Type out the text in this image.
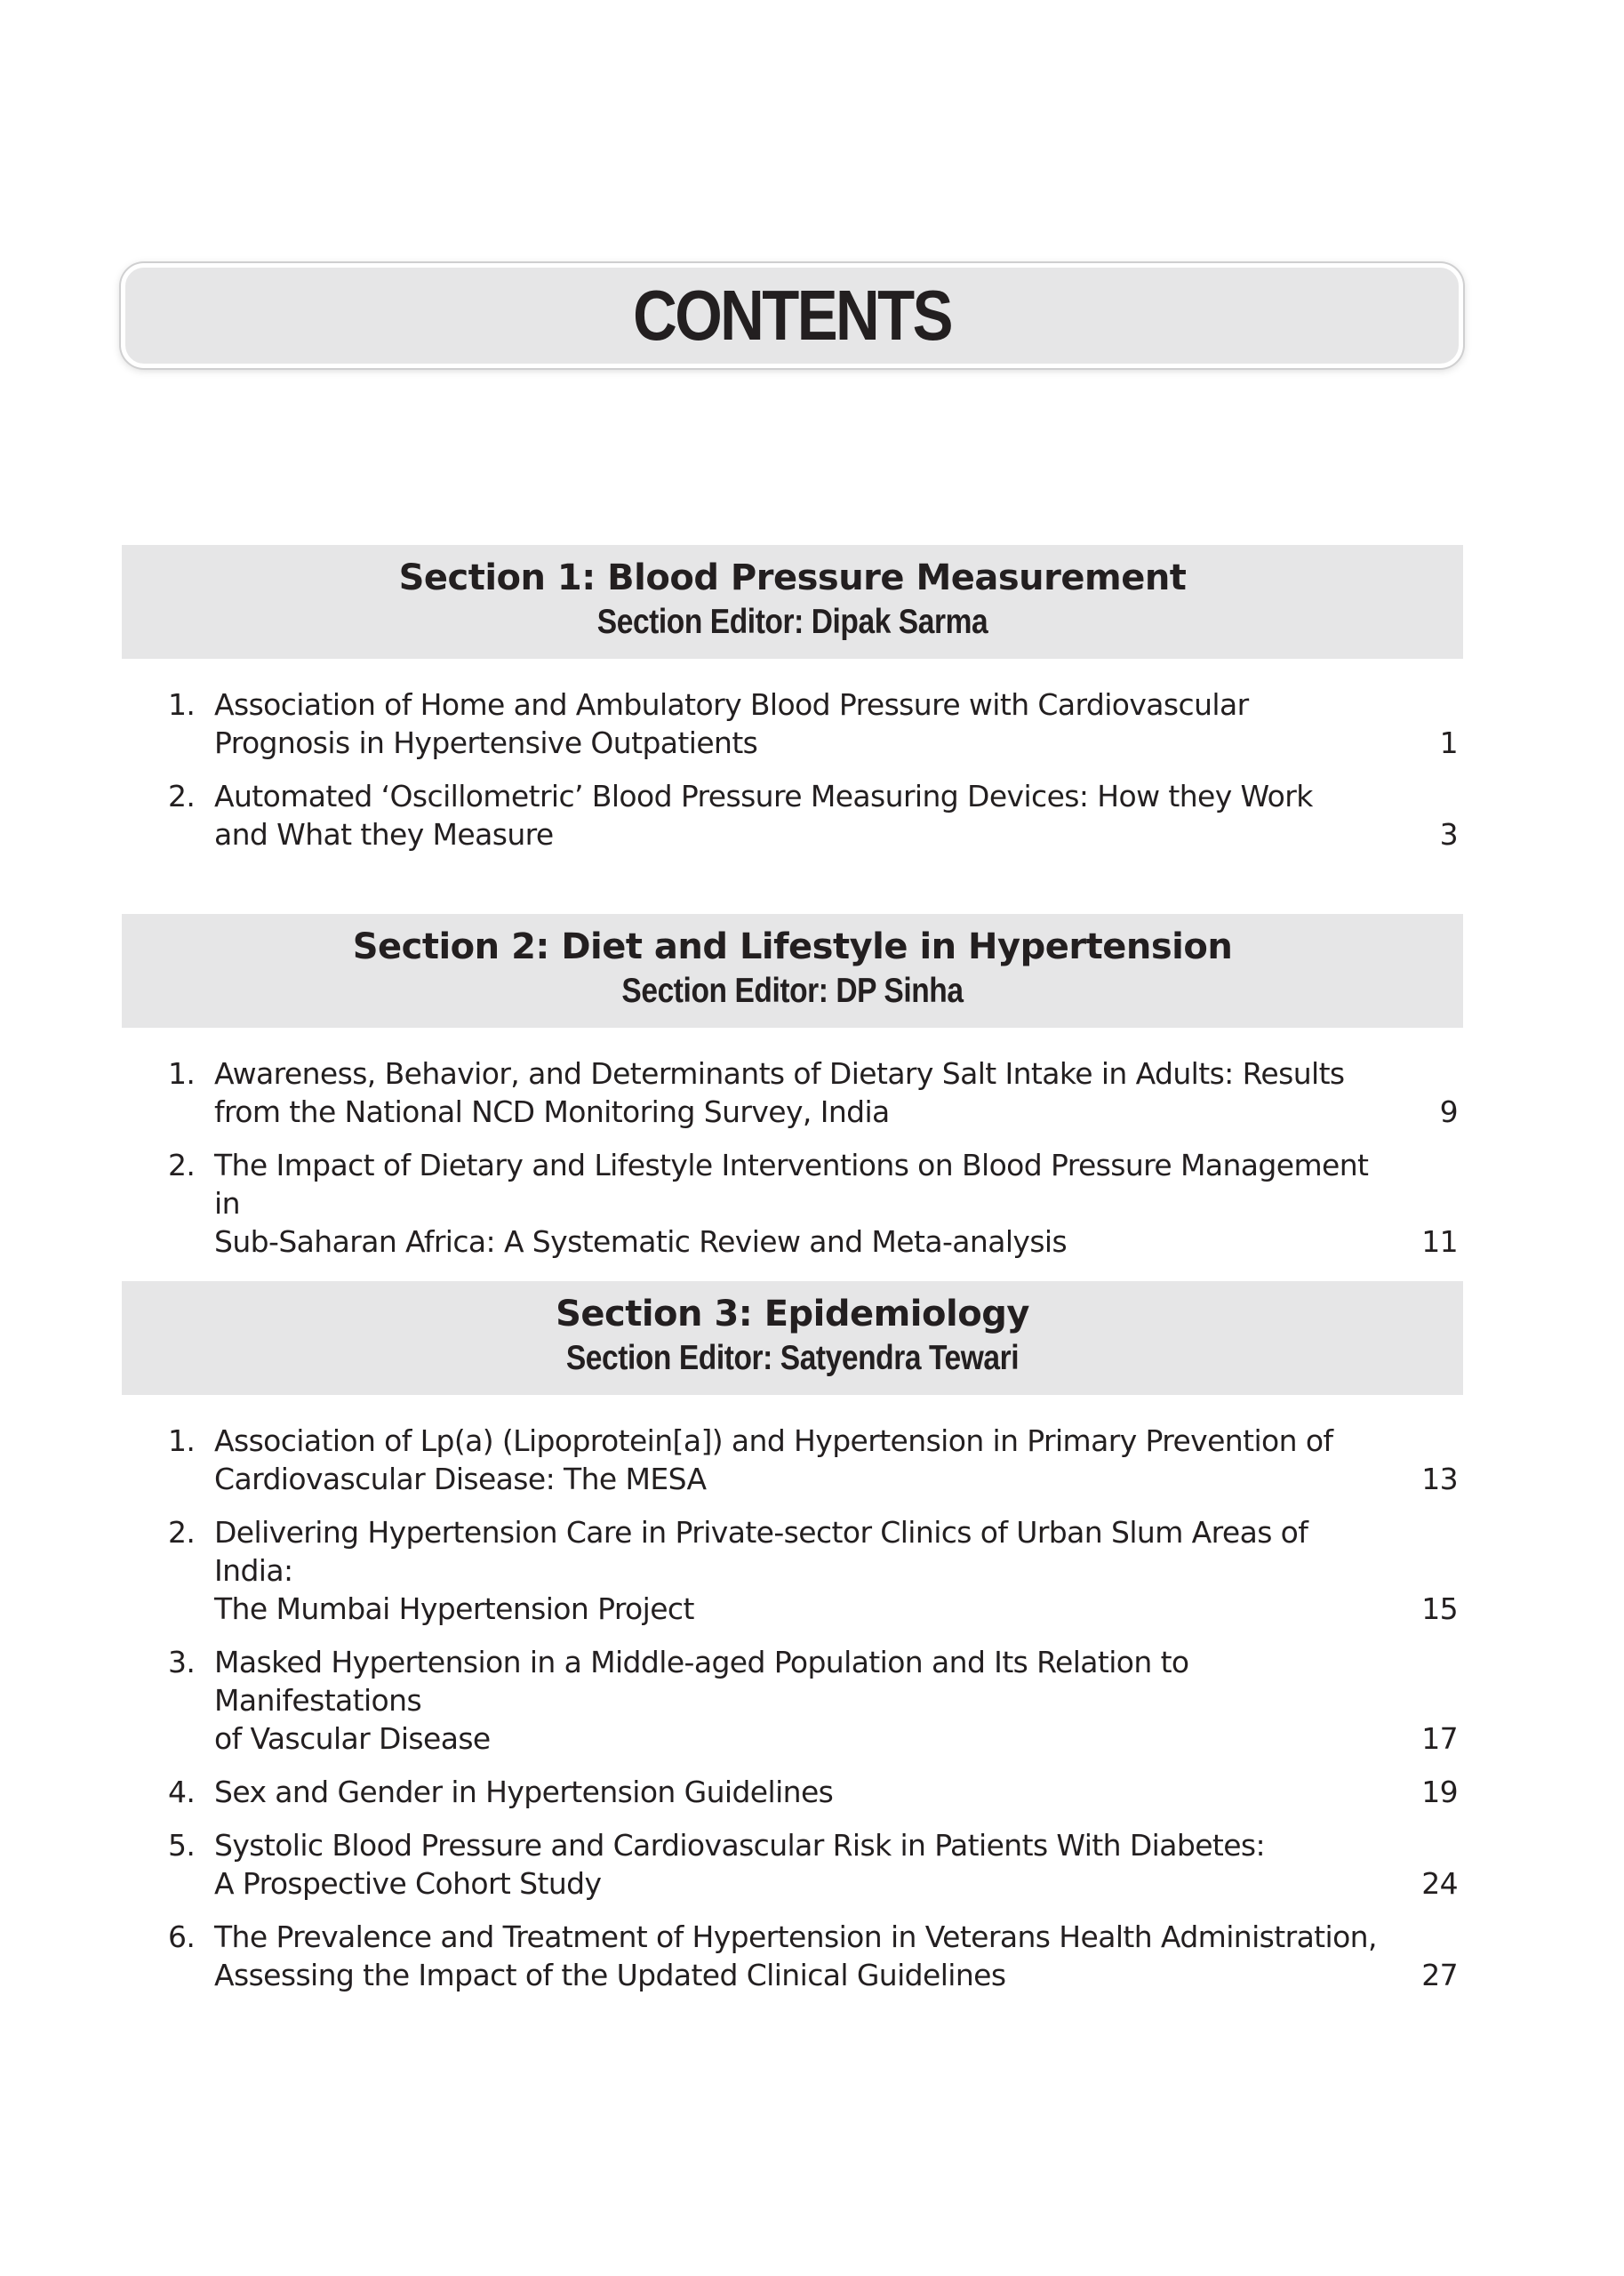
CONTENTS
Section 1: Blood Pressure Measurement
Section Editor: Dipak Sarma
1. Association of Home and Ambulatory Blood Pressure with Cardiovascular
Prognosis in Hypertensive Outpatients	1
2. Automated ‘Oscillometric’ Blood Pressure Measuring Devices: How they Work
and What they Measure	3
Section 2: Diet and Lifestyle in Hypertension
Section Editor: DP Sinha
1. Awareness, Behavior, and Determinants of Dietary Salt Intake in Adults: Results
from the National NCD Monitoring Survey, India	9
2. The Impact of Dietary and Lifestyle Interventions on Blood Pressure Management in
Sub-Saharan Africa: A Systematic Review and Meta-analysis	11
Section 3: Epidemiology
Section Editor: Satyendra Tewari
1. Association of Lp(a) (Lipoprotein[a]) and Hypertension in Primary Prevention of
Cardiovascular Disease: The MESA	13
2. Delivering Hypertension Care in Private-sector Clinics of Urban Slum Areas of India:
The Mumbai Hypertension Project	15
3. Masked Hypertension in a Middle-aged Population and Its Relation to Manifestations
of Vascular Disease	17
4. Sex and Gender in Hypertension Guidelines	19
5. Systolic Blood Pressure and Cardiovascular Risk in Patients With Diabetes:
A Prospective Cohort Study	24
6. The Prevalence and Treatment of Hypertension in Veterans Health Administration,
Assessing the Impact of the Updated Clinical Guidelines	27
